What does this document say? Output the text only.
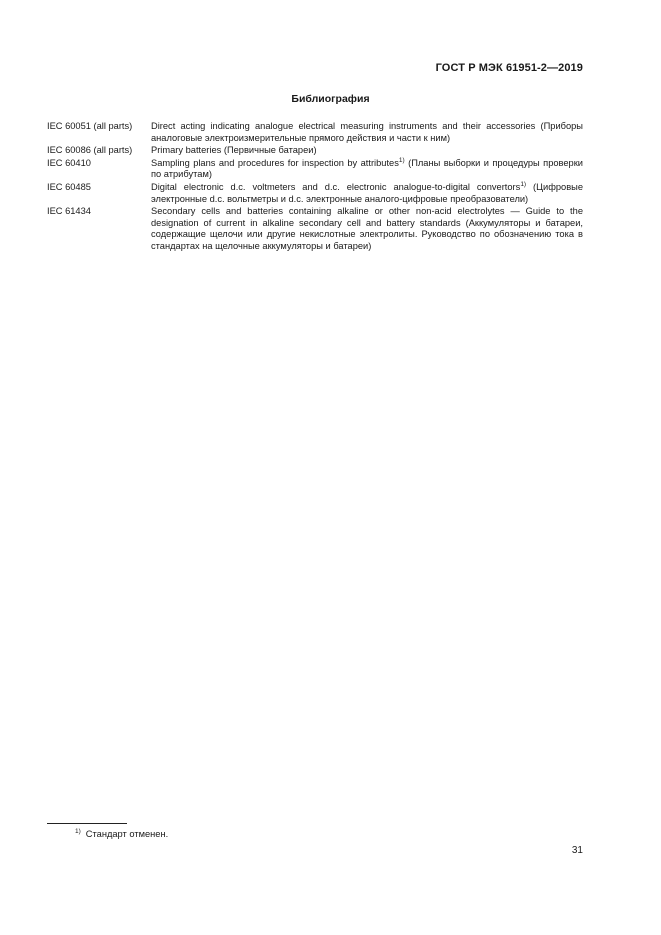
ГОСТ Р МЭК 61951-2—2019
Библиография
IEC 60051 (all parts)	Direct acting indicating analogue electrical measuring instruments and their accessories (Приборы аналоговые электроизмерительные прямого действия и части к ним)
IEC 60086 (all parts)	Primary batteries (Первичные батареи)
IEC 60410	Sampling plans and procedures for inspection by attributes$^{1)}$ (Планы выборки и процедуры проверки по атрибутам)
IEC 60485	Digital electronic d.c. voltmeters and d.c. electronic analogue-to-digital convertors$^{1)}$ (Цифровые электронные d.c. вольтметры и d.c. электронные аналого-цифровые преобразователи)
IEC 61434	Secondary cells and batteries containing alkaline or other non-acid electrolytes — Guide to the designation of current in alkaline secondary cell and battery standards (Аккумуляторы и батареи, содержащие щелочи или другие некислотные электролиты. Руководство по обозначению тока в стандартах на щелочные аккумуляторы и батареи)
$^{1)}$ Стандарт отменен.
31
